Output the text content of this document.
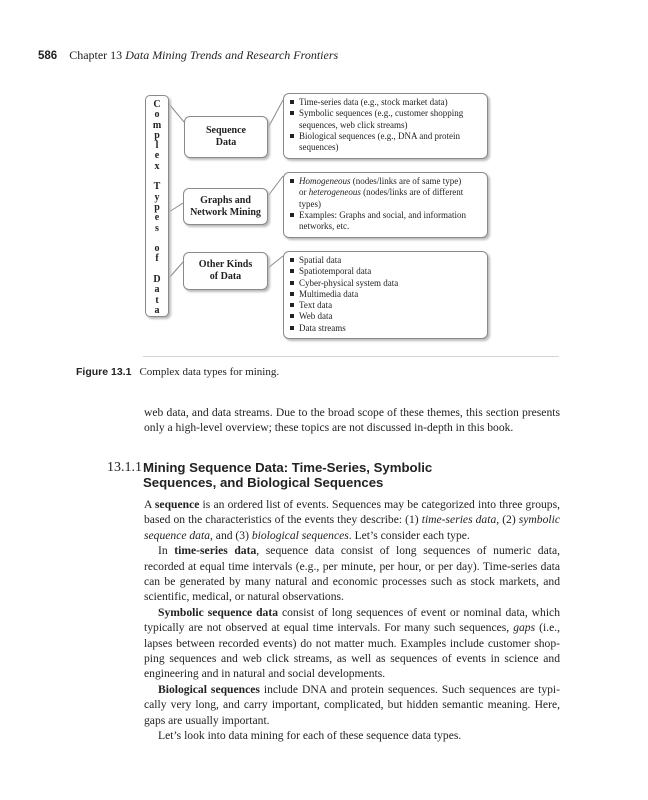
586 Chapter 13 Data Mining Trends and Research Frontiers
C
o
m
p
l
e
x

T
y
p
e
s

o
f

D
a
t
a
Sequence
Data
Graphs and
Network Mining
Other Kinds
of Data
Time-series data (e.g., stock market data)
Symbolic sequences (e.g., customer shopping
sequences, web click streams)
Biological sequences (e.g., DNA and protein
sequences)
Homogeneous (nodes/links are of same type)
or heterogeneous (nodes/links are of different
types)
Examples: Graphs and social, and information
networks, etc.
Spatial data
Spatiotemporal data
Cyber-physical system data
Multimedia data
Text data
Web data
Data streams
Figure 13.1 Complex data types for mining.

web data, and data streams. Due to the broad scope of these themes, this section presents only a high-level overview; these topics are not discussed in-depth in this book.

13.1.1 Mining Sequence Data: Time-Series, Symbolic
Sequences, and Biological Sequences

A sequence is an ordered list of events. Sequences may be categorized into three groups, based on the characteristics of the events they describe: (1) time-series data, (2) symbolic sequence data, and (3) biological sequences. Let’s consider each type.

In time-series data, sequence data consist of long sequences of numeric data, recorded at equal time intervals (e.g., per minute, per hour, or per day). Time-series data can be generated by many natural and economic processes such as stock markets, and scientific, medical, or natural observations.

Symbolic sequence data consist of long sequences of event or nominal data, which typically are not observed at equal time intervals. For many such sequences, gaps (i.e., lapses between recorded events) do not matter much. Examples include customer shop-ping sequences and web click streams, as well as sequences of events in science and engineering and in natural and social developments.

Biological sequences include DNA and protein sequences. Such sequences are typi-cally very long, and carry important, complicated, but hidden semantic meaning. Here, gaps are usually important.

Let’s look into data mining for each of these sequence data types.
